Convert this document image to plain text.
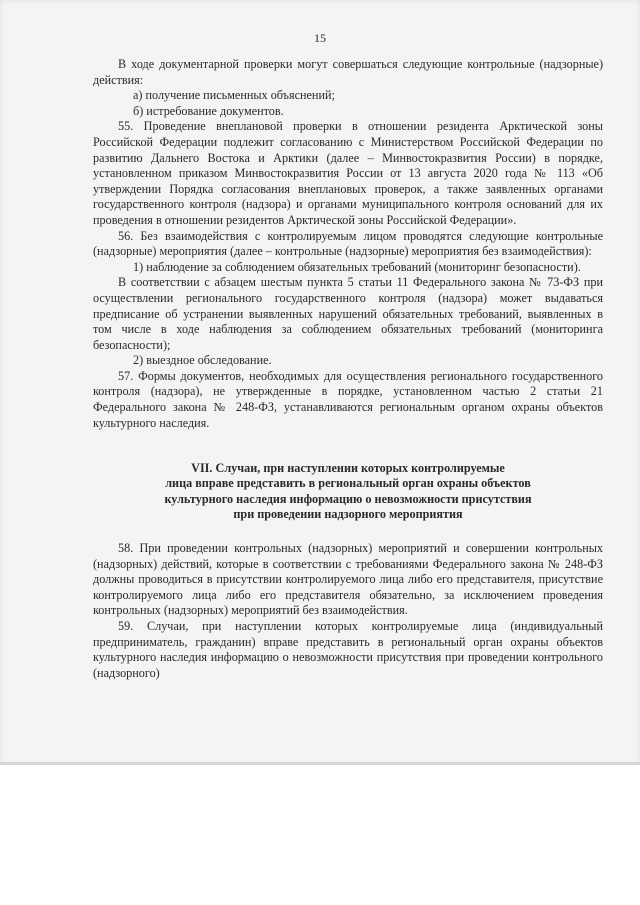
15

В ходе документарной проверки могут совершаться следующие контрольные (надзорные) действия:

а) получение письменных объяснений;

б) истребование документов.

55. Проведение внеплановой проверки в отношении резидента Арктической зоны Российской Федерации подлежит согласованию с Министерством Российской Федерации по развитию Дальнего Востока и Арктики (далее – Минвостокразвития России) в порядке, установленном приказом Минвостокразвития России от 13 августа 2020 года № 113 «Об утверждении Порядка согласования внеплановых проверок, а также заявленных органами государственного контроля (надзора) и органами муниципального контроля оснований для их проведения в отношении резидентов Арктической зоны Российской Федерации».

56. Без взаимодействия с контролируемым лицом проводятся следующие контрольные (надзорные) мероприятия (далее – контрольные (надзорные) мероприятия без взаимодействия):

1) наблюдение за соблюдением обязательных требований (мониторинг безопасности).

В соответствии с абзацем шестым пункта 5 статьи 11 Федерального закона № 73-ФЗ при осуществлении регионального государственного контроля (надзора) может выдаваться предписание об устранении выявленных нарушений обязательных требований, выявленных в том числе в ходе наблюдения за соблюдением обязательных требований (мониторинга безопасности);

2) выездное обследование.

57. Формы документов, необходимых для осуществления регионального государственного контроля (надзора), не утвержденные в порядке, установленном частью 2 статьи 21 Федерального закона № 248-ФЗ, устанавливаются региональным органом охраны объектов культурного наследия.

VII. Случаи, при наступлении которых контролируемые
лица вправе представить в региональный орган охраны объектов
культурного наследия информацию о невозможности присутствия
при проведении надзорного мероприятия

58. При проведении контрольных (надзорных) мероприятий и совершении контрольных (надзорных) действий, которые в соответствии с требованиями Федерального закона № 248-ФЗ должны проводиться в присутствии контролируемого лица либо его представителя, присутствие контролируемого лица либо его представителя обязательно, за исключением проведения контрольных (надзорных) мероприятий без взаимодействия.

59. Случаи, при наступлении которых контролируемые лица (индивидуальный предприниматель, гражданин) вправе представить в региональный орган охраны объектов культурного наследия информацию о невозможности присутствия при проведении контрольного (надзорного)
